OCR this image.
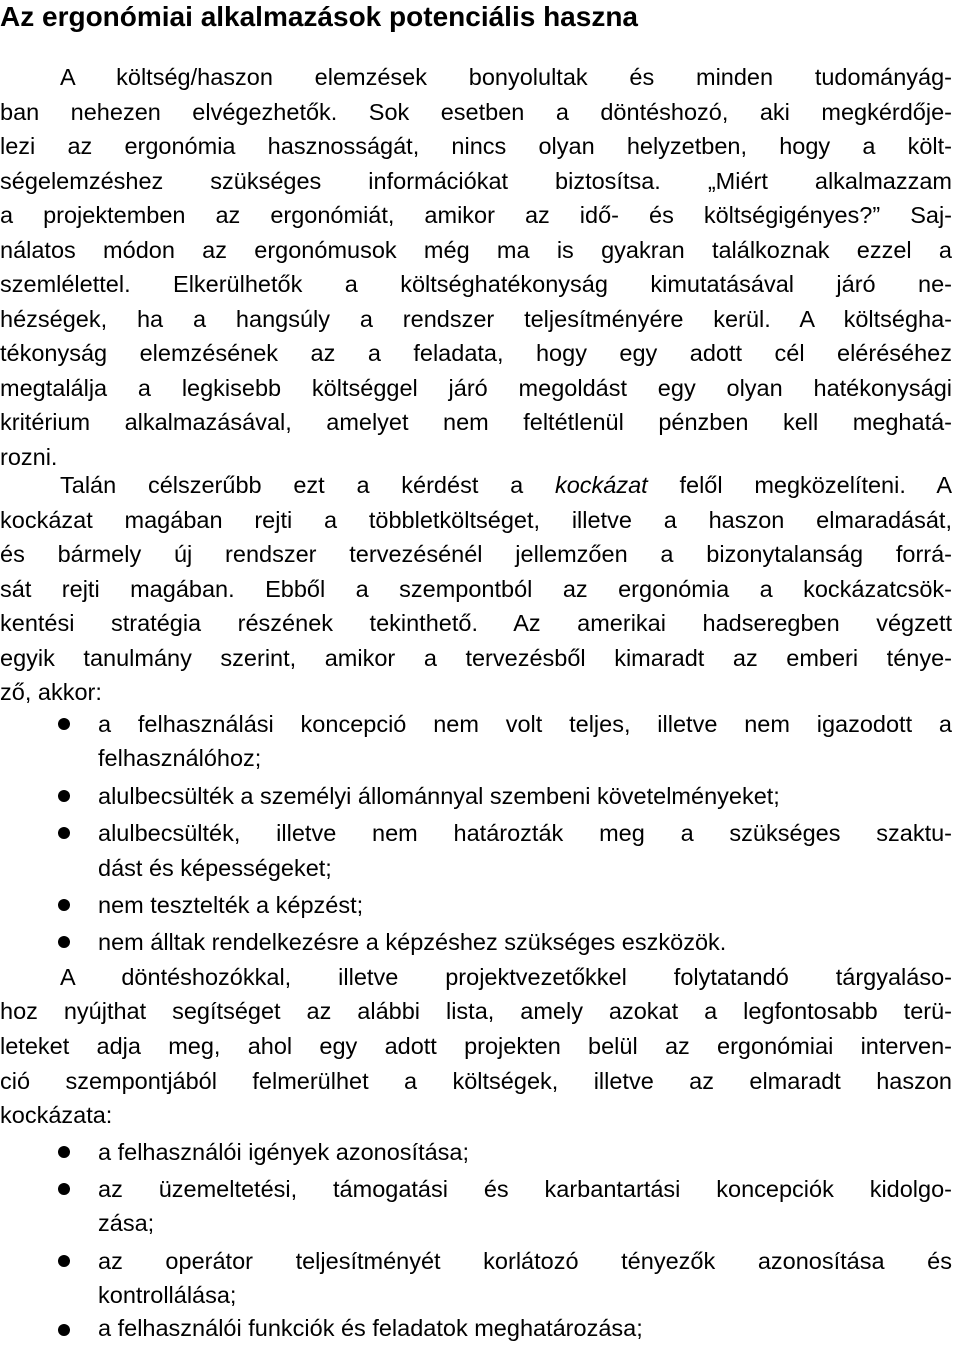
Az ergonómiai alkalmazások potenciális haszna
A költség/haszon elemzések bonyolultak és minden tudományág-
ban nehezen elvégezhetők. Sok esetben a döntéshozó, aki megkérdője-
lezi az ergonómia hasznosságát, nincs olyan helyzetben, hogy a költ-
ségelemzéshez szükséges információkat biztosítsa. „Miért alkalmazzam
a projektemben az ergonómiát, amikor az idő- és költségigényes?” Saj-
nálatos módon az ergonómusok még ma is gyakran találkoznak ezzel a
szemlélettel. Elkerülhetők a költséghatékonyság kimutatásával járó ne-
hézségek, ha a hangsúly a rendszer teljesítményére kerül. A költségha-
tékonyság elemzésének az a feladata, hogy egy adott cél eléréséhez
megtalálja a legkisebb költséggel járó megoldást egy olyan hatékonysági
kritérium alkalmazásával, amelyet nem feltétlenül pénzben kell meghatá-
rozni.
Talán célszerűbb ezt a kérdést a kockázat felől megközelíteni. A
kockázat magában rejti a többletköltséget, illetve a haszon elmaradását,
és bármely új rendszer tervezésénél jellemzően a bizonytalanság forrá-
sát rejti magában. Ebből a szempontból az ergonómia a kockázatcsök-
kentési stratégia részének tekinthető. Az amerikai hadseregben végzett
egyik tanulmány szerint, amikor a tervezésből kimaradt az emberi ténye-
ző, akkor:
a felhasználási koncepció nem volt teljes, illetve nem igazodott a
felhasználóhoz;
alulbecsülték a személyi állománnyal szembeni követelményeket;
alulbecsülték, illetve nem határozták meg a szükséges szaktu-
dást és képességeket;
nem tesztelték a képzést;
nem álltak rendelkezésre a képzéshez szükséges eszközök.
A döntéshozókkal, illetve projektvezetőkkel folytatandó tárgyaláso-
hoz nyújthat segítséget az alábbi lista, amely azokat a legfontosabb terü-
leteket adja meg, ahol egy adott projekten belül az ergonómiai interven-
ció szempontjából felmerülhet a költségek, illetve az elmaradt haszon
kockázata:
a felhasználói igények azonosítása;
az üzemeltetési, támogatási és karbantartási koncepciók kidolgo-
zása;
az operátor teljesítményét korlátozó tényezők azonosítása és
kontrollálása;
a felhasználói funkciók és feladatok meghatározása;
